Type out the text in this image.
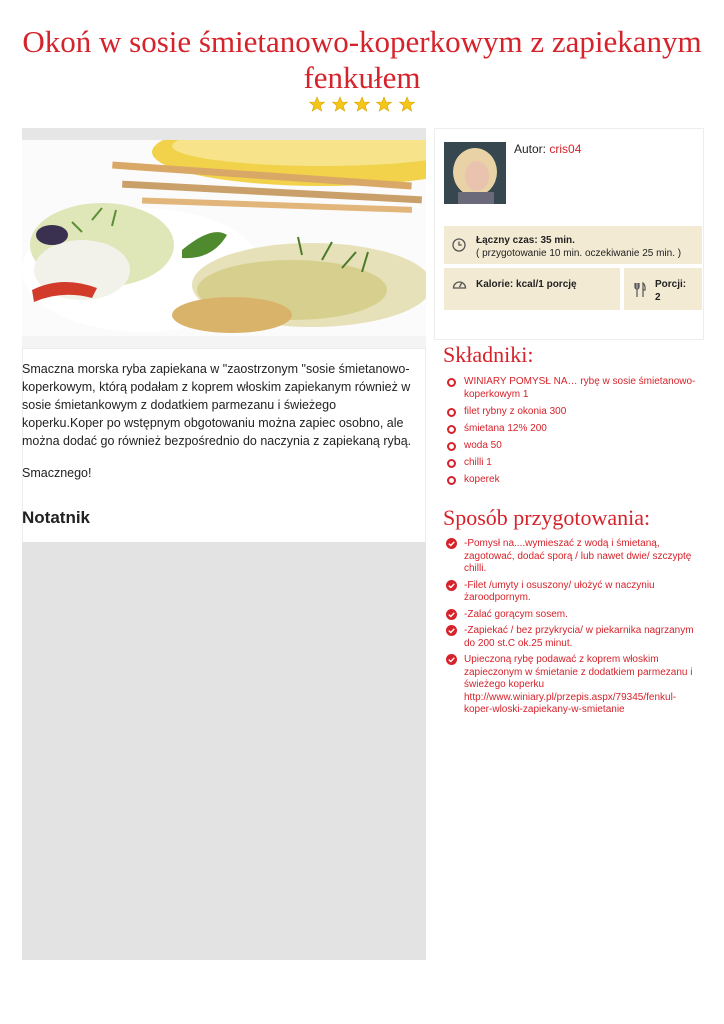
Okoń w sosie śmietanowo-koperkowym z zapiekanym fenkułem

Smaczna morska ryba zapiekana w "zaostrzonym "sosie śmietanowo-koperkowym, którą podałam z koprem włoskim zapiekanym również w sosie śmietankowym z dodatkiem parmezanu i świeżego koperku.Koper po wstępnym obgotowaniu można zapiec osobno, ale można dodać go również bezpośrednio do naczynia z zapiekaną rybą.

Smacznego!

Notatnik
Autor: cris04
Łączny czas: 35 min.
( przygotowanie 10 min. oczekiwanie 25 min. )
Kalorie: kcal/1 porcję	Porcji:
2
Składniki:
WINIARY POMYSŁ NA… rybę w sosie śmietanowo-koperkowym 1
filet rybny z okonia 300
śmietana 12% 200
woda 50
chilli 1
koperek
Sposób przygotowania:
-Pomysł na....wymieszać z wodą i śmietaną, zagotować, dodać sporą / lub nawet dwie/ szczyptę chilli.
-Filet /umyty i osuszony/ ułożyć w naczyniu żaroodpornym.
-Zalać gorącym sosem.
-Zapiekać / bez przykrycia/ w piekarnika nagrzanym do 200 st.C ok.25 minut.
Upieczoną rybę podawać z koprem włoskim zapieczonym w śmietanie z dodatkiem parmezanu i świeżego koperku http://www.winiary.pl/przepis.aspx/79345/fenkul-koper-wloski-zapiekany-w-smietanie
